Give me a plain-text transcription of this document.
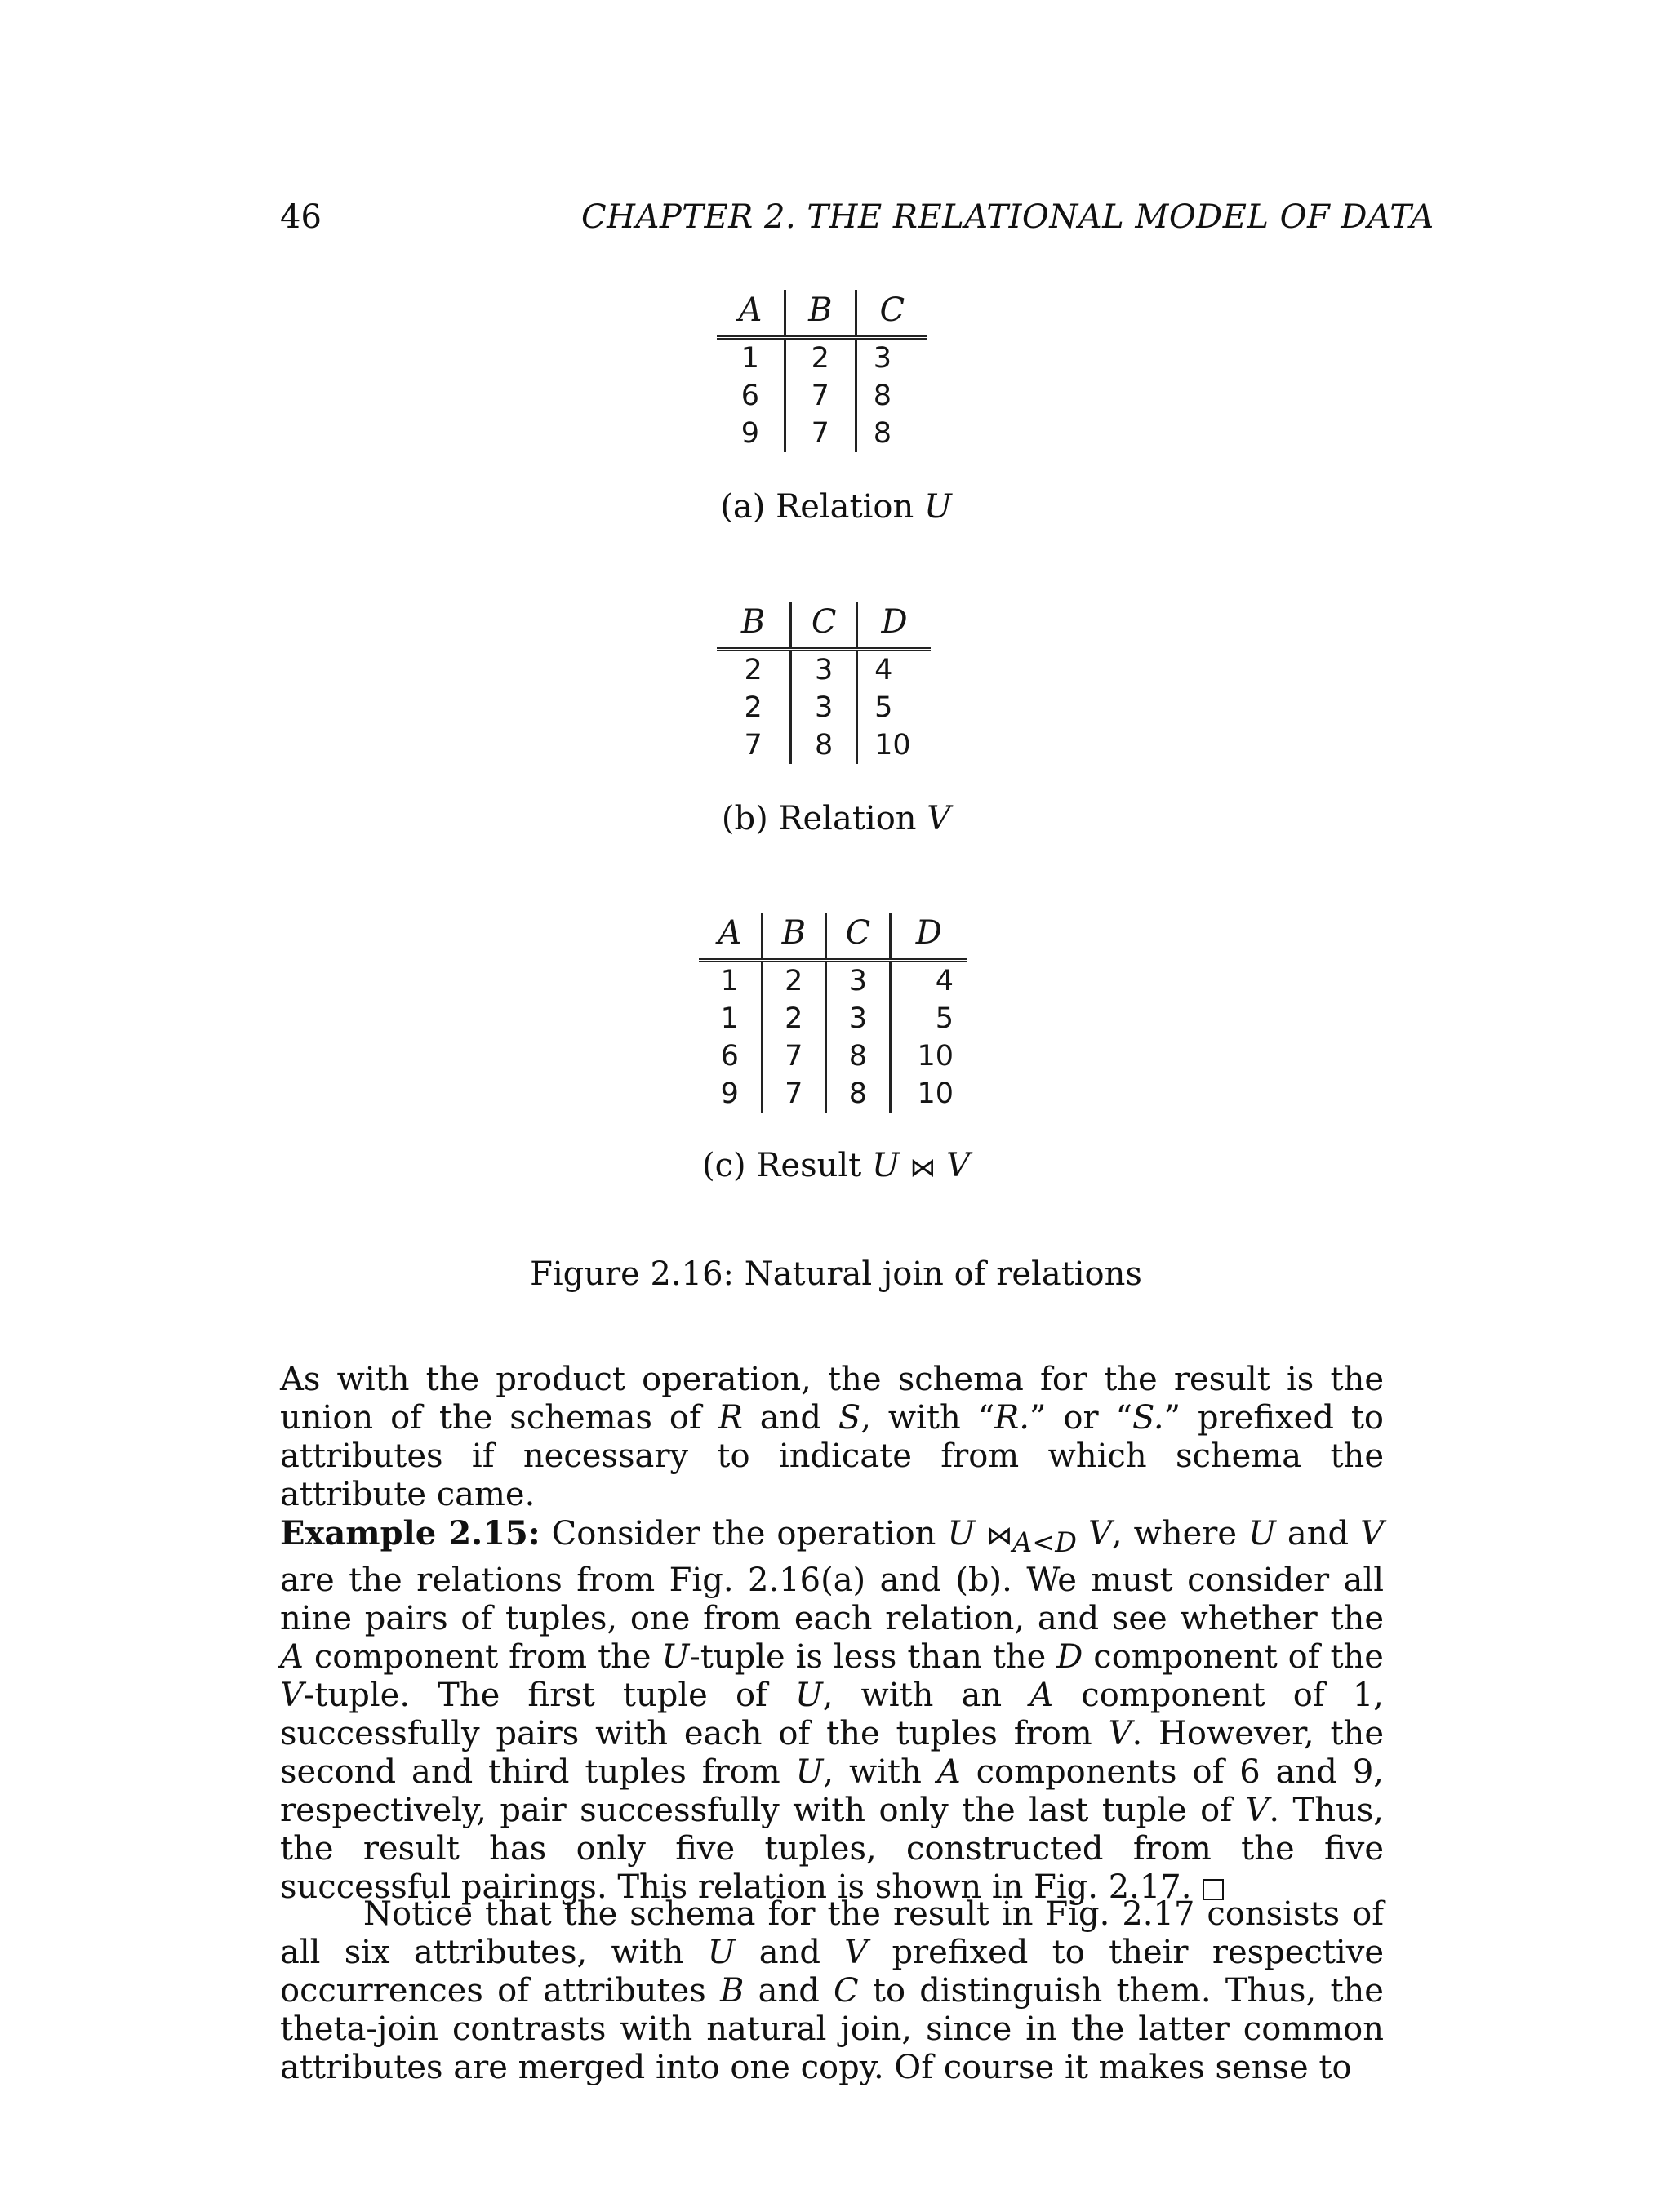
46	CHAPTER 2. THE RELATIONAL MODEL OF DATA
A	B	C
1	2	3
6	7	8
9	7	8
(a) Relation U
B	C	D
2	3	4
2	3	5
7	8	10
(b) Relation V
A	B	C	D
1	2	3	4
1	2	3	5
6	7	8	10
9	7	8	10
(c) Result U ⋈ V
Figure 2.16: Natural join of relations
As with the product operation, the schema for the result is the union of the schemas of R and S, with “R.” or “S.” prefixed to attributes if necessary to indicate from which schema the attribute came.
Example 2.15: Consider the operation U $⋈_{A<D}$ V, where U and V are the relations from Fig. 2.16(a) and (b). We must consider all nine pairs of tuples, one from each relation, and see whether the A component from the U-tuple is less than the D component of the V-tuple. The first tuple of U, with an A component of 1, successfully pairs with each of the tuples from V. However, the second and third tuples from U, with A components of 6 and 9, respectively, pair successfully with only the last tuple of V. Thus, the result has only five tuples, constructed from the five successful pairings. This relation is shown in Fig. 2.17.
Notice that the schema for the result in Fig. 2.17 consists of all six attributes, with U and V prefixed to their respective occurrences of attributes B and C to distinguish them. Thus, the theta-join contrasts with natural join, since in the latter common attributes are merged into one copy. Of course it makes sense to
